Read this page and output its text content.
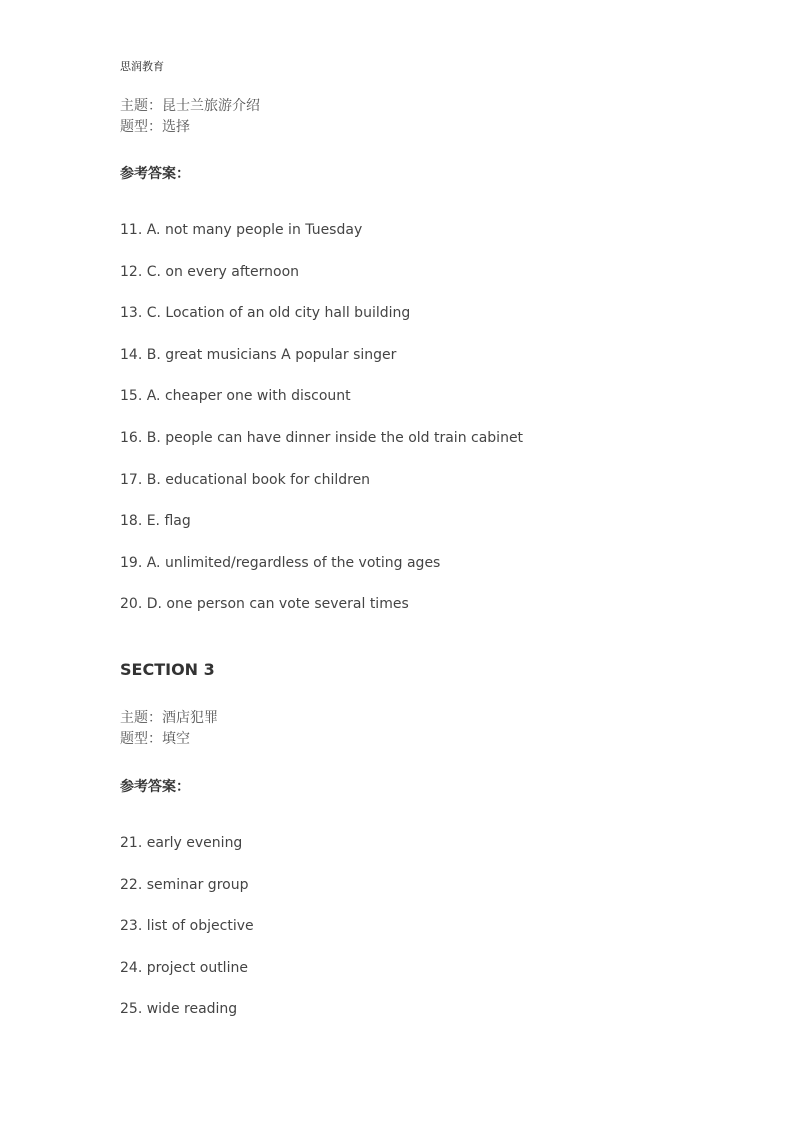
思润教育
主题：昆士兰旅游介绍
题型：选择
参考答案：
11. A. not many people in Tuesday
12. C. on every afternoon
13. C. Location of an old city hall building
14. B. great musicians A popular singer
15. A. cheaper one with discount
16. B. people can have dinner inside the old train cabinet
17. B. educational book for children
18. E. flag
19. A. unlimited/regardless of the voting ages
20. D. one person can vote several times
SECTION 3
主题：酒店犯罪
题型：填空
参考答案：
21. early evening
22. seminar group
23. list of objective
24. project outline
25. wide reading
